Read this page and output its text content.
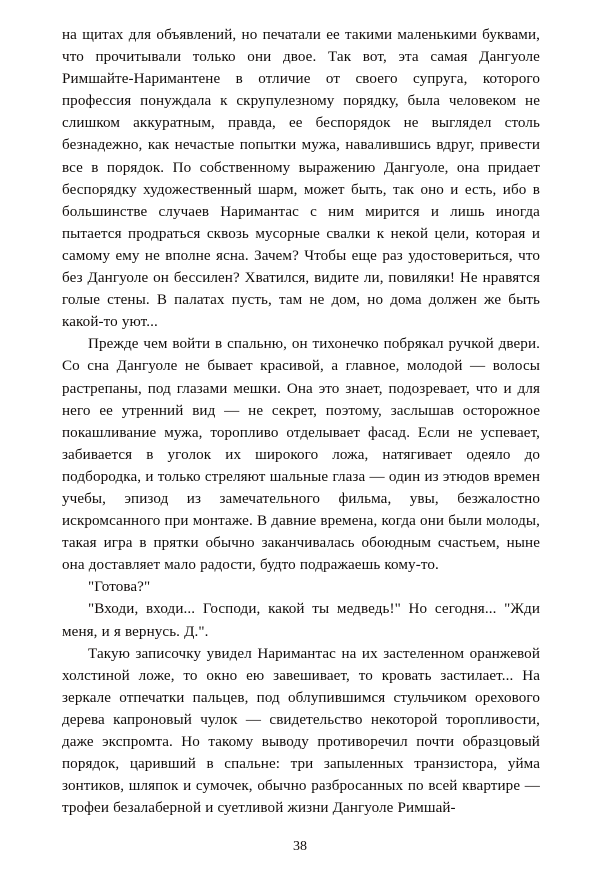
на щитах для объявлений, но печатали ее такими маленькими буквами, что прочитывали только они двое. Так вот, эта самая Дангуоле Римшайте-Наримантене в отличие от своего супруга, которого профессия понуждала к скрупулезному порядку, была человеком не слишком аккуратным, правда, ее беспорядок не выглядел столь безнадежно, как нечастые попытки мужа, навалившись вдруг, привести все в порядок. По собственному выражению Дангуоле, она придает беспорядку художественный шарм, может быть, так оно и есть, ибо в большинстве случаев Наримантас с ним мирится и лишь иногда пытается продраться сквозь мусорные свалки к некой цели, которая и самому ему не вполне ясна. Зачем? Чтобы еще раз удостовериться, что без Дангуоле он бессилен? Хватился, видите ли, повиляки! Не нравятся голые стены. В палатах пусть, там не дом, но дома должен же быть какой-то уют...

Прежде чем войти в спальню, он тихонечко побрякал ручкой двери. Со сна Дангуоле не бывает красивой, а главное, молодой — волосы растрепаны, под глазами мешки. Она это знает, подозревает, что и для него ее утренний вид — не секрет, поэтому, заслышав осторожное покашливание мужа, торопливо отделывает фасад. Если не успевает, забивается в уголок их широкого ложа, натягивает одеяло до подбородка, и только стреляют шальные глаза — один из этюдов времен учебы, эпизод из замечательного фильма, увы, безжалостно искромсанного при монтаже. В давние времена, когда они были молоды, такая игра в прятки обычно заканчивалась обоюдным счастьем, ныне она доставляет мало радости, будто подражаешь кому-то.

"Готова?"

"Входи, входи... Господи, какой ты медведь!" Но сегодня... "Жди меня, и я вернусь. Д.".

Такую записочку увидел Наримантас на их застеленном оранжевой холстиной ложе, то окно ею завешивает, то кровать застилает... На зеркале отпечатки пальцев, под облупившимся стульчиком орехового дерева капроновый чулок — свидетельство некоторой торопливости, даже экспромта. Но такому выводу противоречил почти образцовый порядок, царивший в спальне: три запыленных транзистора, уйма зонтиков, шляпок и сумочек, обычно разбросанных по всей квартире — трофеи безалаберной и суетливой жизни Дангуоле Римшай-

38
